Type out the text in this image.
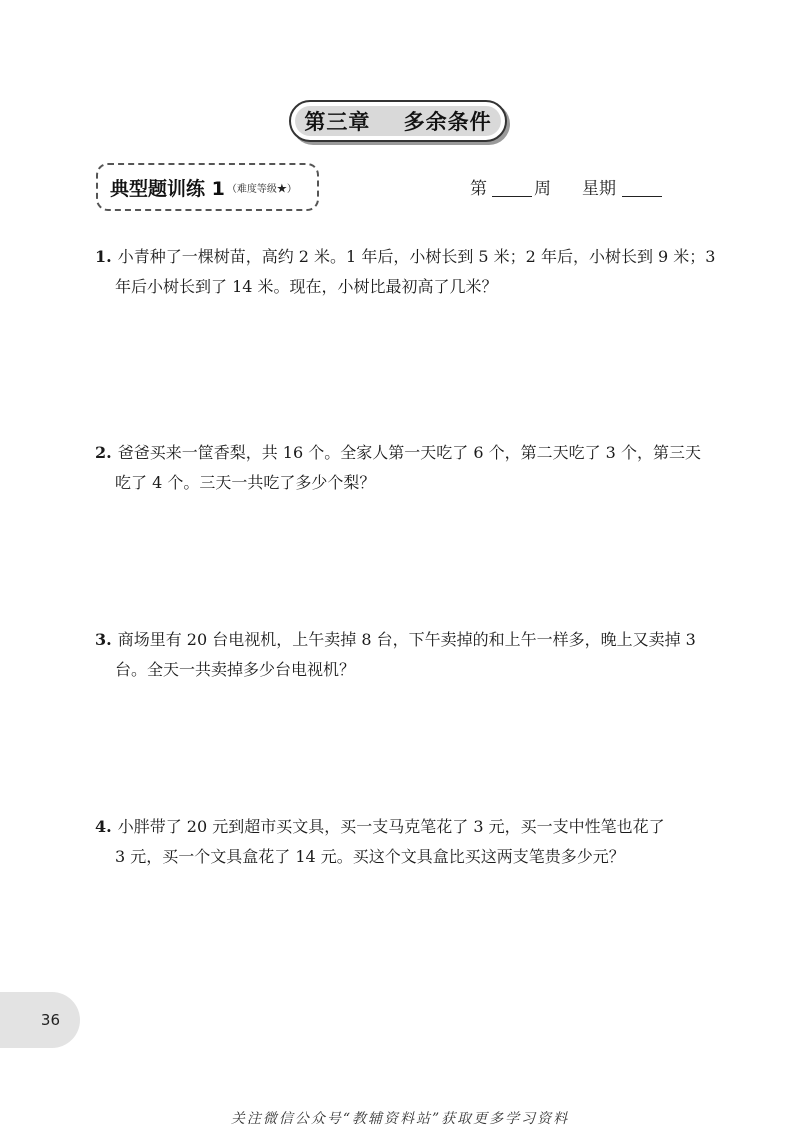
第三章    多余条件
典型题训练 1 （难度等级★）	第	周 星期
1. 小青种了一棵树苗，高约 2 米。1 年后，小树长到 5 米；2 年后，小树长到 9 米；3
年后小树长到了 14 米。现在，小树比最初高了几米？
2. 爸爸买来一筐香梨，共 16 个。全家人第一天吃了 6 个，第二天吃了 3 个，第三天
吃了 4 个。三天一共吃了多少个梨？
3. 商场里有 20 台电视机，上午卖掉 8 台，下午卖掉的和上午一样多，晚上又卖掉 3
台。全天一共卖掉多少台电视机？
4. 小胖带了 20 元到超市买文具，买一支马克笔花了 3 元，买一支中性笔也花了
3 元，买一个文具盒花了 14 元。买这个文具盒比买这两支笔贵多少元？
36
关注微信公众号“教辅资料站”获取更多学习资料
